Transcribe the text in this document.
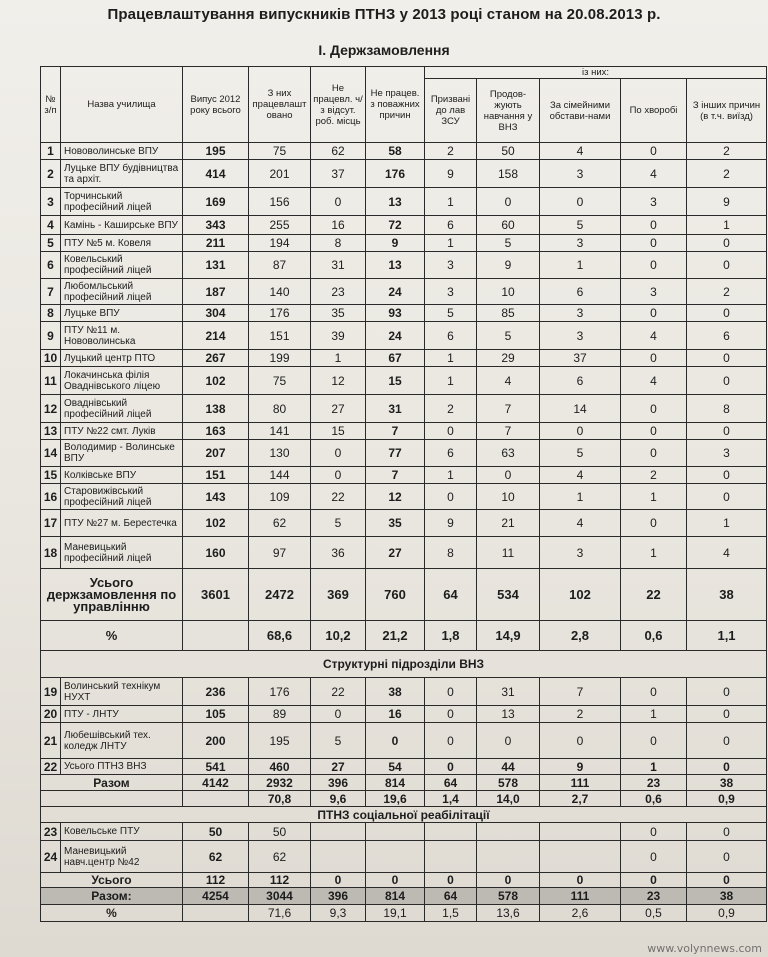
Працевлаштування випускників ПТНЗ у 2013 році станом на 20.08.2013 р.
І. Держзамовлення
№ з/п	Назва училища	Випус 2012 року всього	З них працевлашт овано	Не працевл. ч/з відсут. роб. місць	Не працев. з поважних причин	із них:				
						Призвані до лав ЗСУ	Продов-жують навчання у ВНЗ	За сімейними обстави-нами	По хворобі	З інших причин (в т.ч. виїзд)
1	Нововолинське ВПУ	195	75	62	58	2	50	4	0	2
2	Луцьке ВПУ будівництва та архіт.	414	201	37	176	9	158	3	4	2
3	Торчинський професійний ліцей	169	156	0	13	1	0	0	3	9
4	Камінь - Каширське ВПУ	343	255	16	72	6	60	5	0	1
5	ПТУ №5 м. Ковеля	211	194	8	9	1	5	3	0	0
6	Ковельський професійний ліцей	131	87	31	13	3	9	1	0	0
7	Любомльський професійний ліцей	187	140	23	24	3	10	6	3	2
8	Луцьке ВПУ	304	176	35	93	5	85	3	0	0
9	ПТУ №11 м. Нововолинська	214	151	39	24	6	5	3	4	6
10	Луцький центр ПТО	267	199	1	67	1	29	37	0	0
11	Локачинська філія Оваднівського ліцею	102	75	12	15	1	4	6	4	0
12	Оваднівський професійний ліцей	138	80	27	31	2	7	14	0	8
13	ПТУ №22 смт. Луків	163	141	15	7	0	7	0	0	0
14	Володимир - Волинське ВПУ	207	130	0	77	6	63	5	0	3
15	Колківське ВПУ	151	144	0	7	1	0	4	2	0
16	Старовижівський професійний ліцей	143	109	22	12	0	10	1	1	0
17	ПТУ №27 м. Берестечка	102	62	5	35	9	21	4	0	1
18	Маневицький професійний ліцей	160	97	36	27	8	11	3	1	4
Усього держзамовлення по управлінню		3601	2472	369	760	64	534	102	22	38
%			68,6	10,2	21,2	1,8	14,9	2,8	0,6	1,1
Структурні підрозділи ВНЗ										
19	Волинський технікум НУХТ	236	176	22	38	0	31	7	0	0
20	ПТУ - ЛНТУ	105	89	0	16	0	13	2	1	0
21	Любешівський тех. коледж ЛНТУ	200	195	5	0	0	0	0	0	0
22	Усього ПТНЗ ВНЗ	541	460	27	54	0	44	9	1	0
Разом		4142	2932	396	814	64	578	111	23	38
			70,8	9,6	19,6	1,4	14,0	2,7	0,6	0,9
ПТНЗ соціальної реабілітації										
23	Ковельське ПТУ	50	50						0	0
24	Маневицький навч.центр №42	62	62						0	0
Усього		112	112	0	0	0	0	0	0	0
Разом:		4254	3044	396	814	64	578	111	23	38
%			71,6	9,3	19,1	1,5	13,6	2,6	0,5	0,9
www.volynnews.com
